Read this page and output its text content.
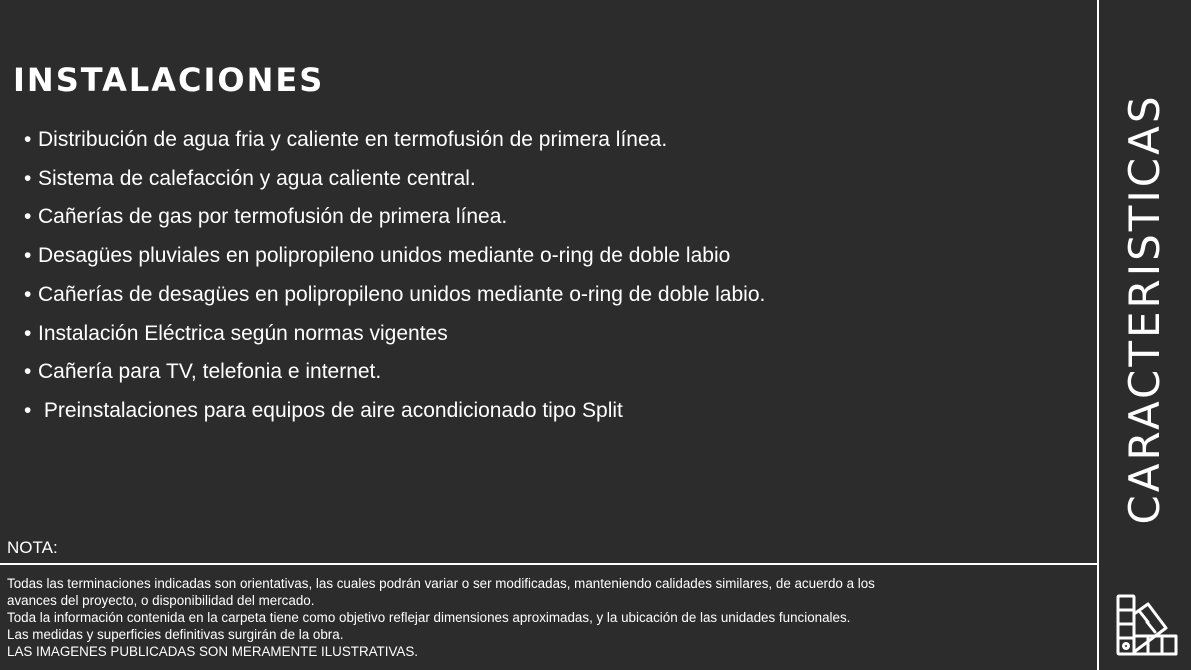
INSTALACIONES
• Distribución de agua fria y caliente en termofusión de primera línea.
• Sistema de calefacción y agua caliente central.
• Cañerías de gas por termofusión de primera línea.
• Desagües pluviales en polipropileno unidos mediante o-ring de doble labio
• Cañerías de desagües en polipropileno unidos mediante o-ring de doble labio.
• Instalación Eléctrica según normas vigentes
• Cañería para TV, telefonia e internet.
• Preinstalaciones para equipos de aire acondicionado tipo Split
NOTA:
Todas las terminaciones indicadas son orientativas, las cuales podrán variar o ser modificadas, manteniendo calidades similares, de acuerdo a los
avances del proyecto, o disponibilidad del mercado.
Toda la información contenida en la carpeta tiene como objetivo reflejar dimensiones aproximadas, y la ubicación de las unidades funcionales.
Las medidas y superficies definitivas surgirán de la obra.
LAS IMAGENES PUBLICADAS SON MERAMENTE ILUSTRATIVAS.
CARACTERISTICAS
